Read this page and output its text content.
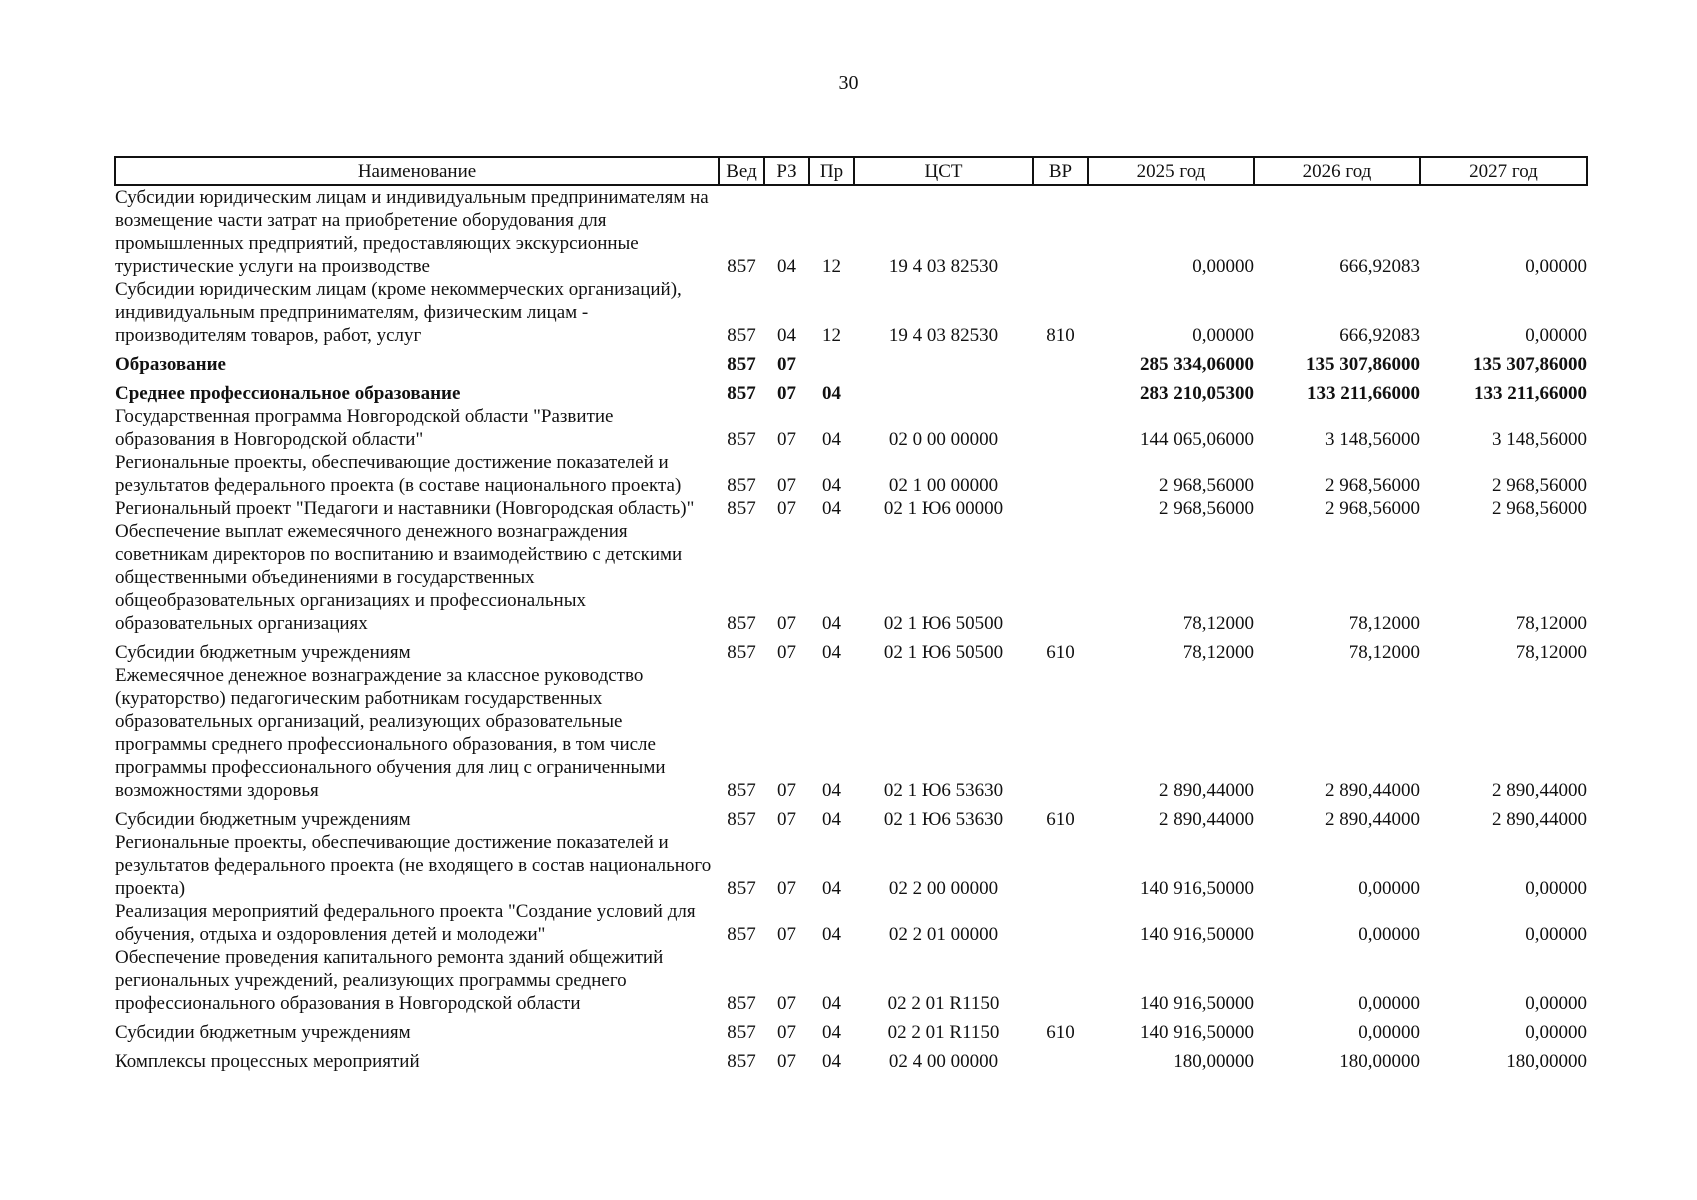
30
Наименование	Вед	РЗ	Пр	ЦСТ	ВР	2025 год	2026 год	2027 год
Субсидии юридическим лицам и индивидуальным предпринимателям на возмещение части затрат на приобретение оборудования для промышленных предприятий, предоставляющих экскурсионные туристические услуги на производстве	857	04	12	19 4 03 82530		0,00000	666,92083	0,00000
Субсидии юридическим лицам (кроме некоммерческих организаций), индивидуальным предпринимателям, физическим лицам - производителям товаров, работ, услуг	857	04	12	19 4 03 82530	810	0,00000	666,92083	0,00000
Образование	857	07				285 334,06000	135 307,86000	135 307,86000
Среднее профессиональное образование	857	07	04			283 210,05300	133 211,66000	133 211,66000
Государственная программа Новгородской области "Развитие образования в Новгородской области"	857	07	04	02 0 00 00000		144 065,06000	3 148,56000	3 148,56000
Региональные проекты, обеспечивающие достижение показателей и результатов федерального проекта (в составе национального проекта)	857	07	04	02 1 00 00000		2 968,56000	2 968,56000	2 968,56000
Региональный проект "Педагоги и наставники (Новгородская область)"	857	07	04	02 1 Ю6 00000		2 968,56000	2 968,56000	2 968,56000
Обеспечение выплат ежемесячного денежного вознаграждения советникам директоров по воспитанию и взаимодействию с детскими общественными объединениями в государственных общеобразовательных организациях и профессиональных образовательных организациях	857	07	04	02 1 Ю6 50500		78,12000	78,12000	78,12000
Субсидии бюджетным учреждениям	857	07	04	02 1 Ю6 50500	610	78,12000	78,12000	78,12000
Ежемесячное денежное вознаграждение за классное руководство (кураторство) педагогическим работникам государственных образовательных организаций, реализующих образовательные программы среднего профессионального образования, в том числе программы профессионального обучения для лиц с ограниченными возможностями здоровья	857	07	04	02 1 Ю6 53630		2 890,44000	2 890,44000	2 890,44000
Субсидии бюджетным учреждениям	857	07	04	02 1 Ю6 53630	610	2 890,44000	2 890,44000	2 890,44000
Региональные проекты, обеспечивающие достижение показателей и результатов федерального проекта (не входящего в состав национального проекта)	857	07	04	02 2 00 00000		140 916,50000	0,00000	0,00000
Реализация мероприятий федерального проекта "Создание условий для обучения, отдыха и оздоровления детей и молодежи"	857	07	04	02 2 01 00000		140 916,50000	0,00000	0,00000
Обеспечение проведения капитального ремонта зданий общежитий региональных учреждений, реализующих программы среднего профессионального образования в Новгородской области	857	07	04	02 2 01 R1150		140 916,50000	0,00000	0,00000
Субсидии бюджетным учреждениям	857	07	04	02 2 01 R1150	610	140 916,50000	0,00000	0,00000
Комплексы процессных мероприятий	857	07	04	02 4 00 00000		180,00000	180,00000	180,00000
